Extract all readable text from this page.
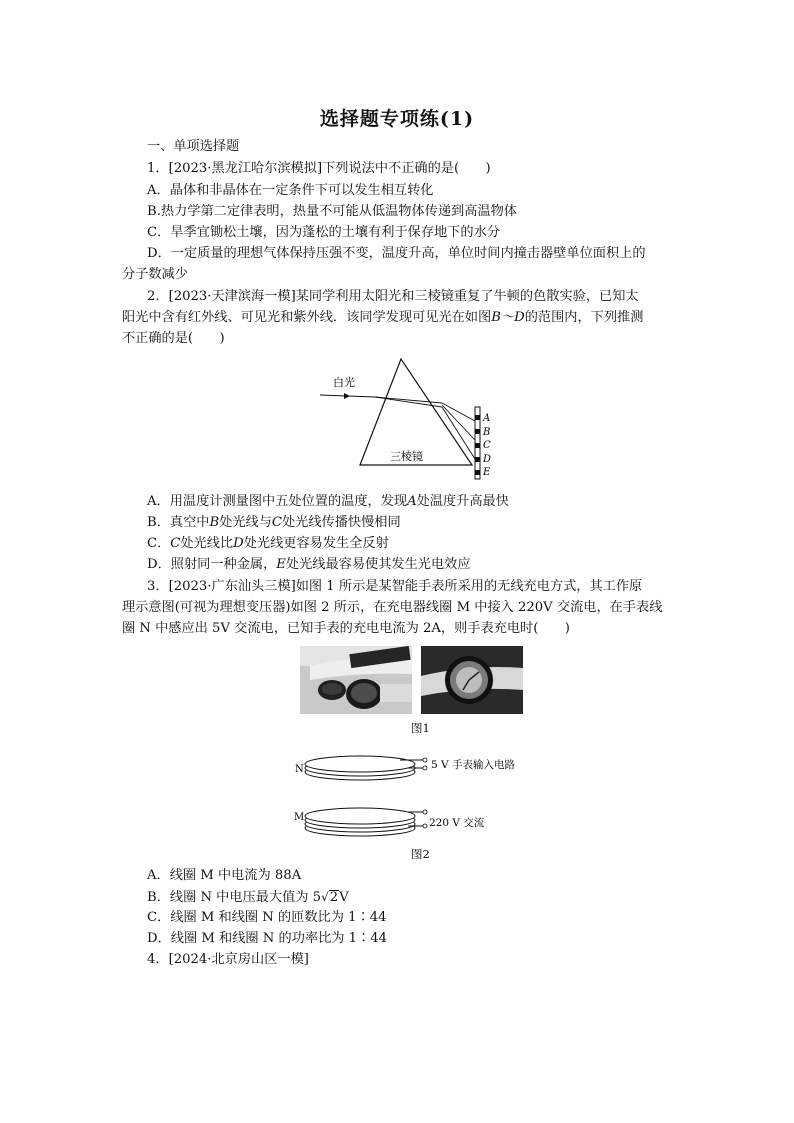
选择题专项练(1)
一、单项选择题
1．[2023·黑龙江哈尔滨模拟]下列说法中不正确的是(　　)
A．晶体和非晶体在一定条件下可以发生相互转化
B.热力学第二定律表明，热量不可能从低温物体传递到高温物体
C．旱季宜锄松土壤，因为蓬松的土壤有利于保存地下的水分
D．一定质量的理想气体保持压强不变，温度升高，单位时间内撞击器壁单位面积上的
分子数减少
2．[2023·天津滨海一模]某同学利用太阳光和三棱镜重复了牛顿的色散实验，已知太
阳光中含有红外线、可见光和紫外线．该同学发现可见光在如图B～D的范围内，下列推测
不正确的是(　　)
白光
三棱镜
A
B
C
D
E
A．用温度计测量图中五处位置的温度，发现A处温度升高最快
B．真空中B处光线与C处光线传播快慢相同
C．C处光线比D处光线更容易发生全反射
D．照射同一种金属，E处光线最容易使其发生光电效应
3．[2023·广东汕头三模]如图 1 所示是某智能手表所采用的无线充电方式，其工作原
理示意图(可视为理想变压器)如图 2 所示，在充电器线圈 M 中接入 220V 交流电，在手表线
圈 N 中感应出 5V 交流电，已知手表的充电电流为 2A，则手表充电时(　　)
图1
N	5 V 手表输入电路
M	220 V 交流
图2
A．线圈 M 中电流为 88A
B．线圈 N 中电压最大值为 5√2V
C．线圈 M 和线圈 N 的匝数比为 1∶44
D．线圈 M 和线圈 N 的功率比为 1∶44
4．[2024·北京房山区一模]
